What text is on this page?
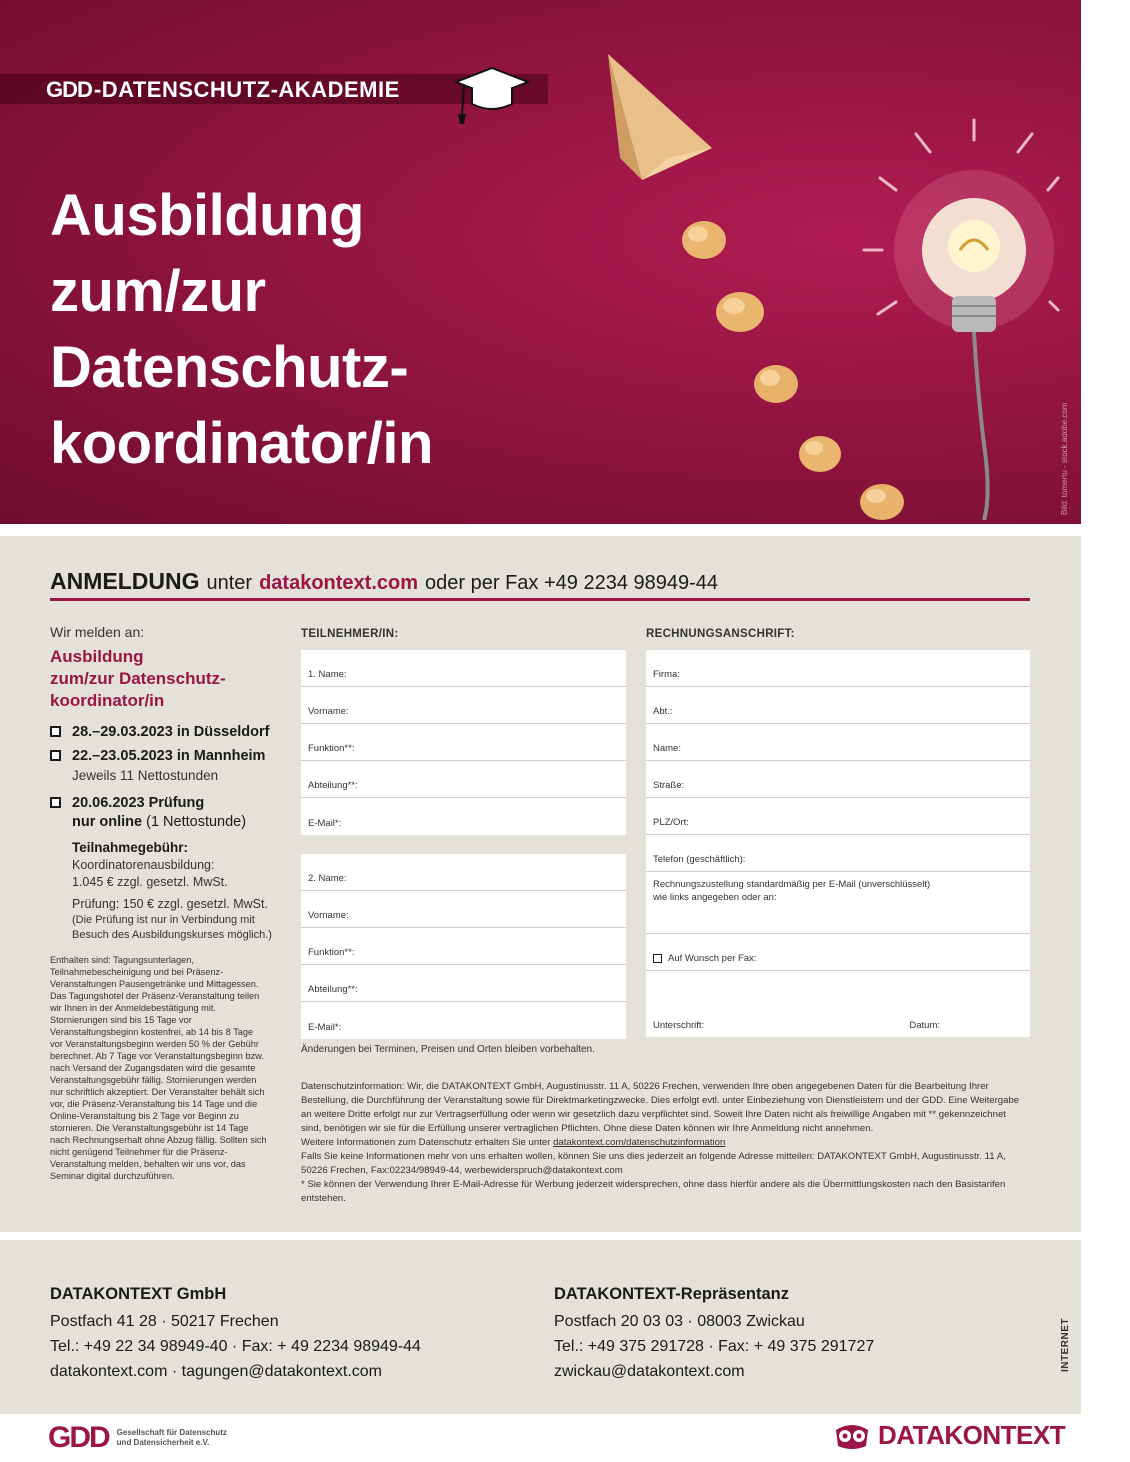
GDD -DATENSCHUTZ-AKADEMIE
Ausbildung
zum/zur
Datenschutz-
koordinator/in	Bild: tomertu - stock.adobe.com
ANMELDUNG unter datakontext.com oder per Fax +49 2234 98949-44
Wir melden an:
Ausbildung
zum/zur Datenschutz-
koordinator/in
28.–29.03.2023 in Düsseldorf
22.–23.05.2023 in Mannheim
Jeweils 11 Nettostunden
20.06.2023 Prüfung
nur online (1 Nettostunde)
Teilnahmegebühr:
Koordinatorenausbildung:
1.045 € zzgl. gesetzl. MwSt.
Prüfung: 150 € zzgl. gesetzl. MwSt.
(Die Prüfung ist nur in Verbindung mit Besuch des Ausbildungskurses möglich.)
Enthalten sind: Tagungsunterlagen, Teilnahmebescheinigung und bei Präsenz-Veranstaltungen Pausengetränke und Mittagessen. Das Tagungshotel der Präsenz-Veranstaltung teilen wir Ihnen in der Anmeldebestätigung mit. Stornierungen sind bis 15 Tage vor Veranstaltungsbeginn kostenfrei, ab 14 bis 8 Tage vor Veranstaltungsbeginn werden 50 % der Gebühr berechnet. Ab 7 Tage vor Veranstaltungsbeginn bzw. nach Versand der Zugangsdaten wird die gesamte Veranstaltungsgebühr fällig. Stornierungen werden nur schriftlich akzeptiert. Der Veranstalter behält sich vor, die Präsenz-Veranstaltung bis 14 Tage und die Online-Veranstaltung bis 2 Tage vor Beginn zu stornieren. Die Veranstaltungsgebühr ist 14 Tage nach Rechnungserhalt ohne Abzug fällig. Sollten sich nicht genügend Teilnehmer für die Präsenz-Veranstaltung melden, behalten wir uns vor, das Seminar digital durchzuführen.
TEILNEHMER/IN:
1. Name:
Vorname:
Funktion**:
Abteilung**:
E-Mail*:
2. Name:
Vorname:
Funktion**:
Abteilung**:
E-Mail*:
RECHNUNGSANSCHRIFT:
Firma:
Abt.:
Name:
Straße:
PLZ/Ort:
Telefon (geschäftlich):
Rechnungszustellung standardmäßig per E-Mail (unverschlüsselt)
wie links angegeben oder an:
Auf Wunsch per Fax:
Unterschrift:	Datum:
Änderungen bei Terminen, Preisen und Orten bleiben vorbehalten.
Datenschutzinformation: Wir, die DATAKONTEXT GmbH, Augustinusstr. 11 A, 50226 Frechen, verwenden Ihre oben angegebenen Daten für die Bearbeitung Ihrer Bestellung, die Durchführung der Veranstaltung sowie für Direktmarketingzwecke. Dies erfolgt evtl. unter Einbeziehung von Dienstleistern und der GDD. Eine Weitergabe an weitere Dritte erfolgt nur zur Vertragserfüllung oder wenn wir gesetzlich dazu verpflichtet sind. Soweit Ihre Daten nicht als freiwillige Angaben mit ** gekennzeichnet sind, benötigen wir sie für die Erfüllung unserer vertraglichen Pflichten. Ohne diese Daten können wir Ihre Anmeldung nicht annehmen.
Weitere Informationen zum Datenschutz erhalten Sie unter datakontext.com/datenschutzinformation
Falls Sie keine Informationen mehr von uns erhalten wollen, können Sie uns dies jederzeit an folgende Adresse mitteilen: DATAKONTEXT GmbH, Augustinusstr. 11 A, 50226 Frechen, Fax:02234/98949-44, werbewiderspruch@datakontext.com
* Sie können der Verwendung Ihrer E-Mail-Adresse für Werbung jederzeit widersprechen, ohne dass hierfür andere als die Übermittlungskosten nach den Basistarifen entstehen.
DATAKONTEXT GmbH
Postfach 41 28 · 50217 Frechen
Tel.: +49 22 34 98949-40 · Fax: + 49 2234 98949-44
datakontext.com · tagungen@datakontext.com
DATAKONTEXT-Repräsentanz
Postfach 20 03 03 · 08003 Zwickau
Tel.: +49 375 291728 · Fax: + 49 375 291727
zwickau@datakontext.com	INTERNET
GDD Gesellschaft für Datenschutz
und Datensicherheit e.V.	DATAKONTEXT
